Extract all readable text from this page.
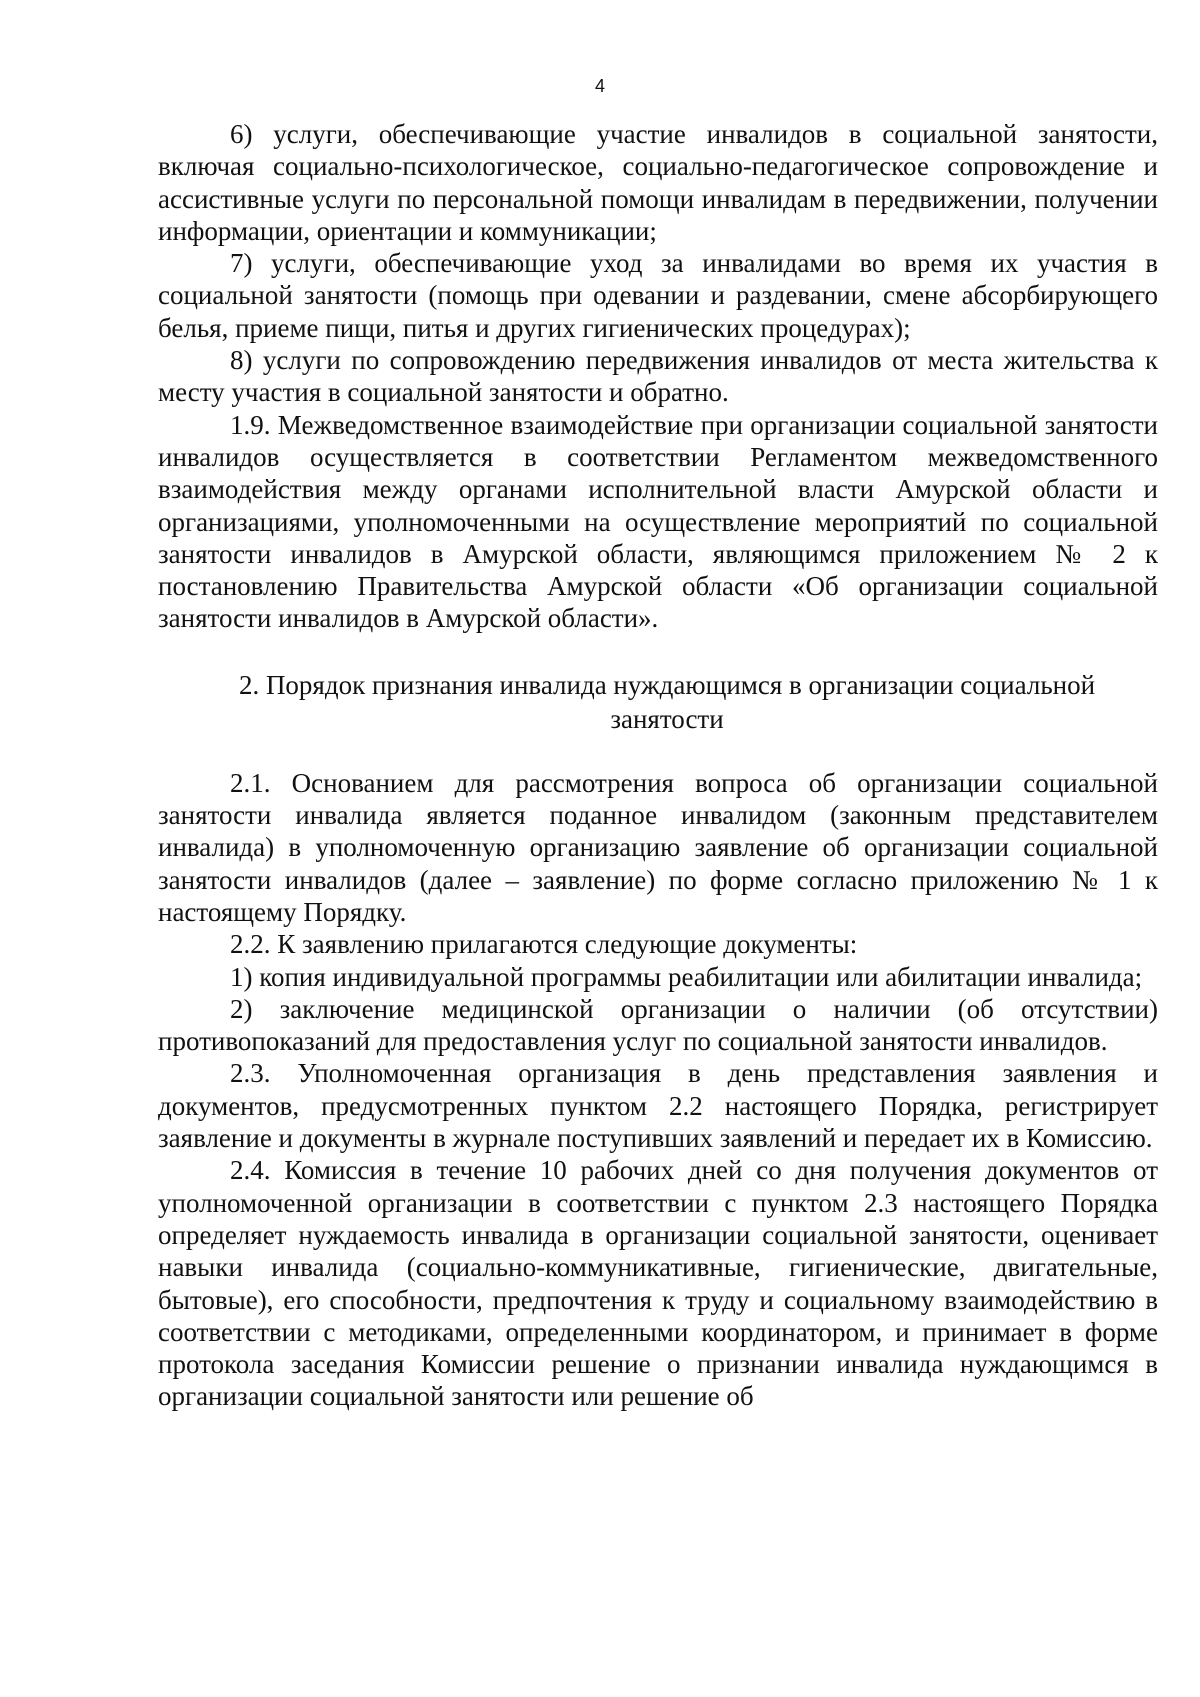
4

6) услуги, обеспечивающие участие инвалидов в социальной занятости, включая социально-психологическое, социально-педагогическое сопровождение и ассистивные услуги по персональной помощи инвалидам в передвижении, получении информации, ориентации и коммуникации;

7) услуги, обеспечивающие уход за инвалидами во время их участия в социальной занятости (помощь при одевании и раздевании, смене абсорбирующего белья, приеме пищи, питья и других гигиенических процедурах);

8) услуги по сопровождению передвижения инвалидов от места жительства к месту участия в социальной занятости и обратно.

1.9. Межведомственное взаимодействие при организации социальной занятости инвалидов осуществляется в соответствии Регламентом межведомственного взаимодействия между органами исполнительной власти Амурской области и организациями, уполномоченными на осуществление мероприятий по социальной занятости инвалидов в Амурской области, являющимся приложением № 2 к постановлению Правительства Амурской области «Об организации социальной занятости инвалидов в Амурской области».

2. Порядок признания инвалида нуждающимся в организации социальной занятости

2.1. Основанием для рассмотрения вопроса об организации социальной занятости инвалида является поданное инвалидом (законным представителем инвалида) в уполномоченную организацию заявление об организации социальной занятости инвалидов (далее – заявление) по форме согласно приложению № 1 к настоящему Порядку.

2.2. К заявлению прилагаются следующие документы:

1) копия индивидуальной программы реабилитации или абилитации инвалида;

2) заключение медицинской организации о наличии (об отсутствии) противопоказаний для предоставления услуг по социальной занятости инвалидов.

2.3. Уполномоченная организация в день представления заявления и документов, предусмотренных пунктом 2.2 настоящего Порядка, регистрирует заявление и документы в журнале поступивших заявлений и передает их в Комиссию.

2.4. Комиссия в течение 10 рабочих дней со дня получения документов от уполномоченной организации в соответствии с пунктом 2.3 настоящего Порядка определяет нуждаемость инвалида в организации социальной занятости, оценивает навыки инвалида (социально-коммуникативные, гигиенические, двигательные, бытовые), его способности, предпочтения к труду и социальному взаимодействию в соответствии с методиками, определенными координатором, и принимает в форме протокола заседания Комиссии решение о признании инвалида нуждающимся в организации социальной занятости или решение об
